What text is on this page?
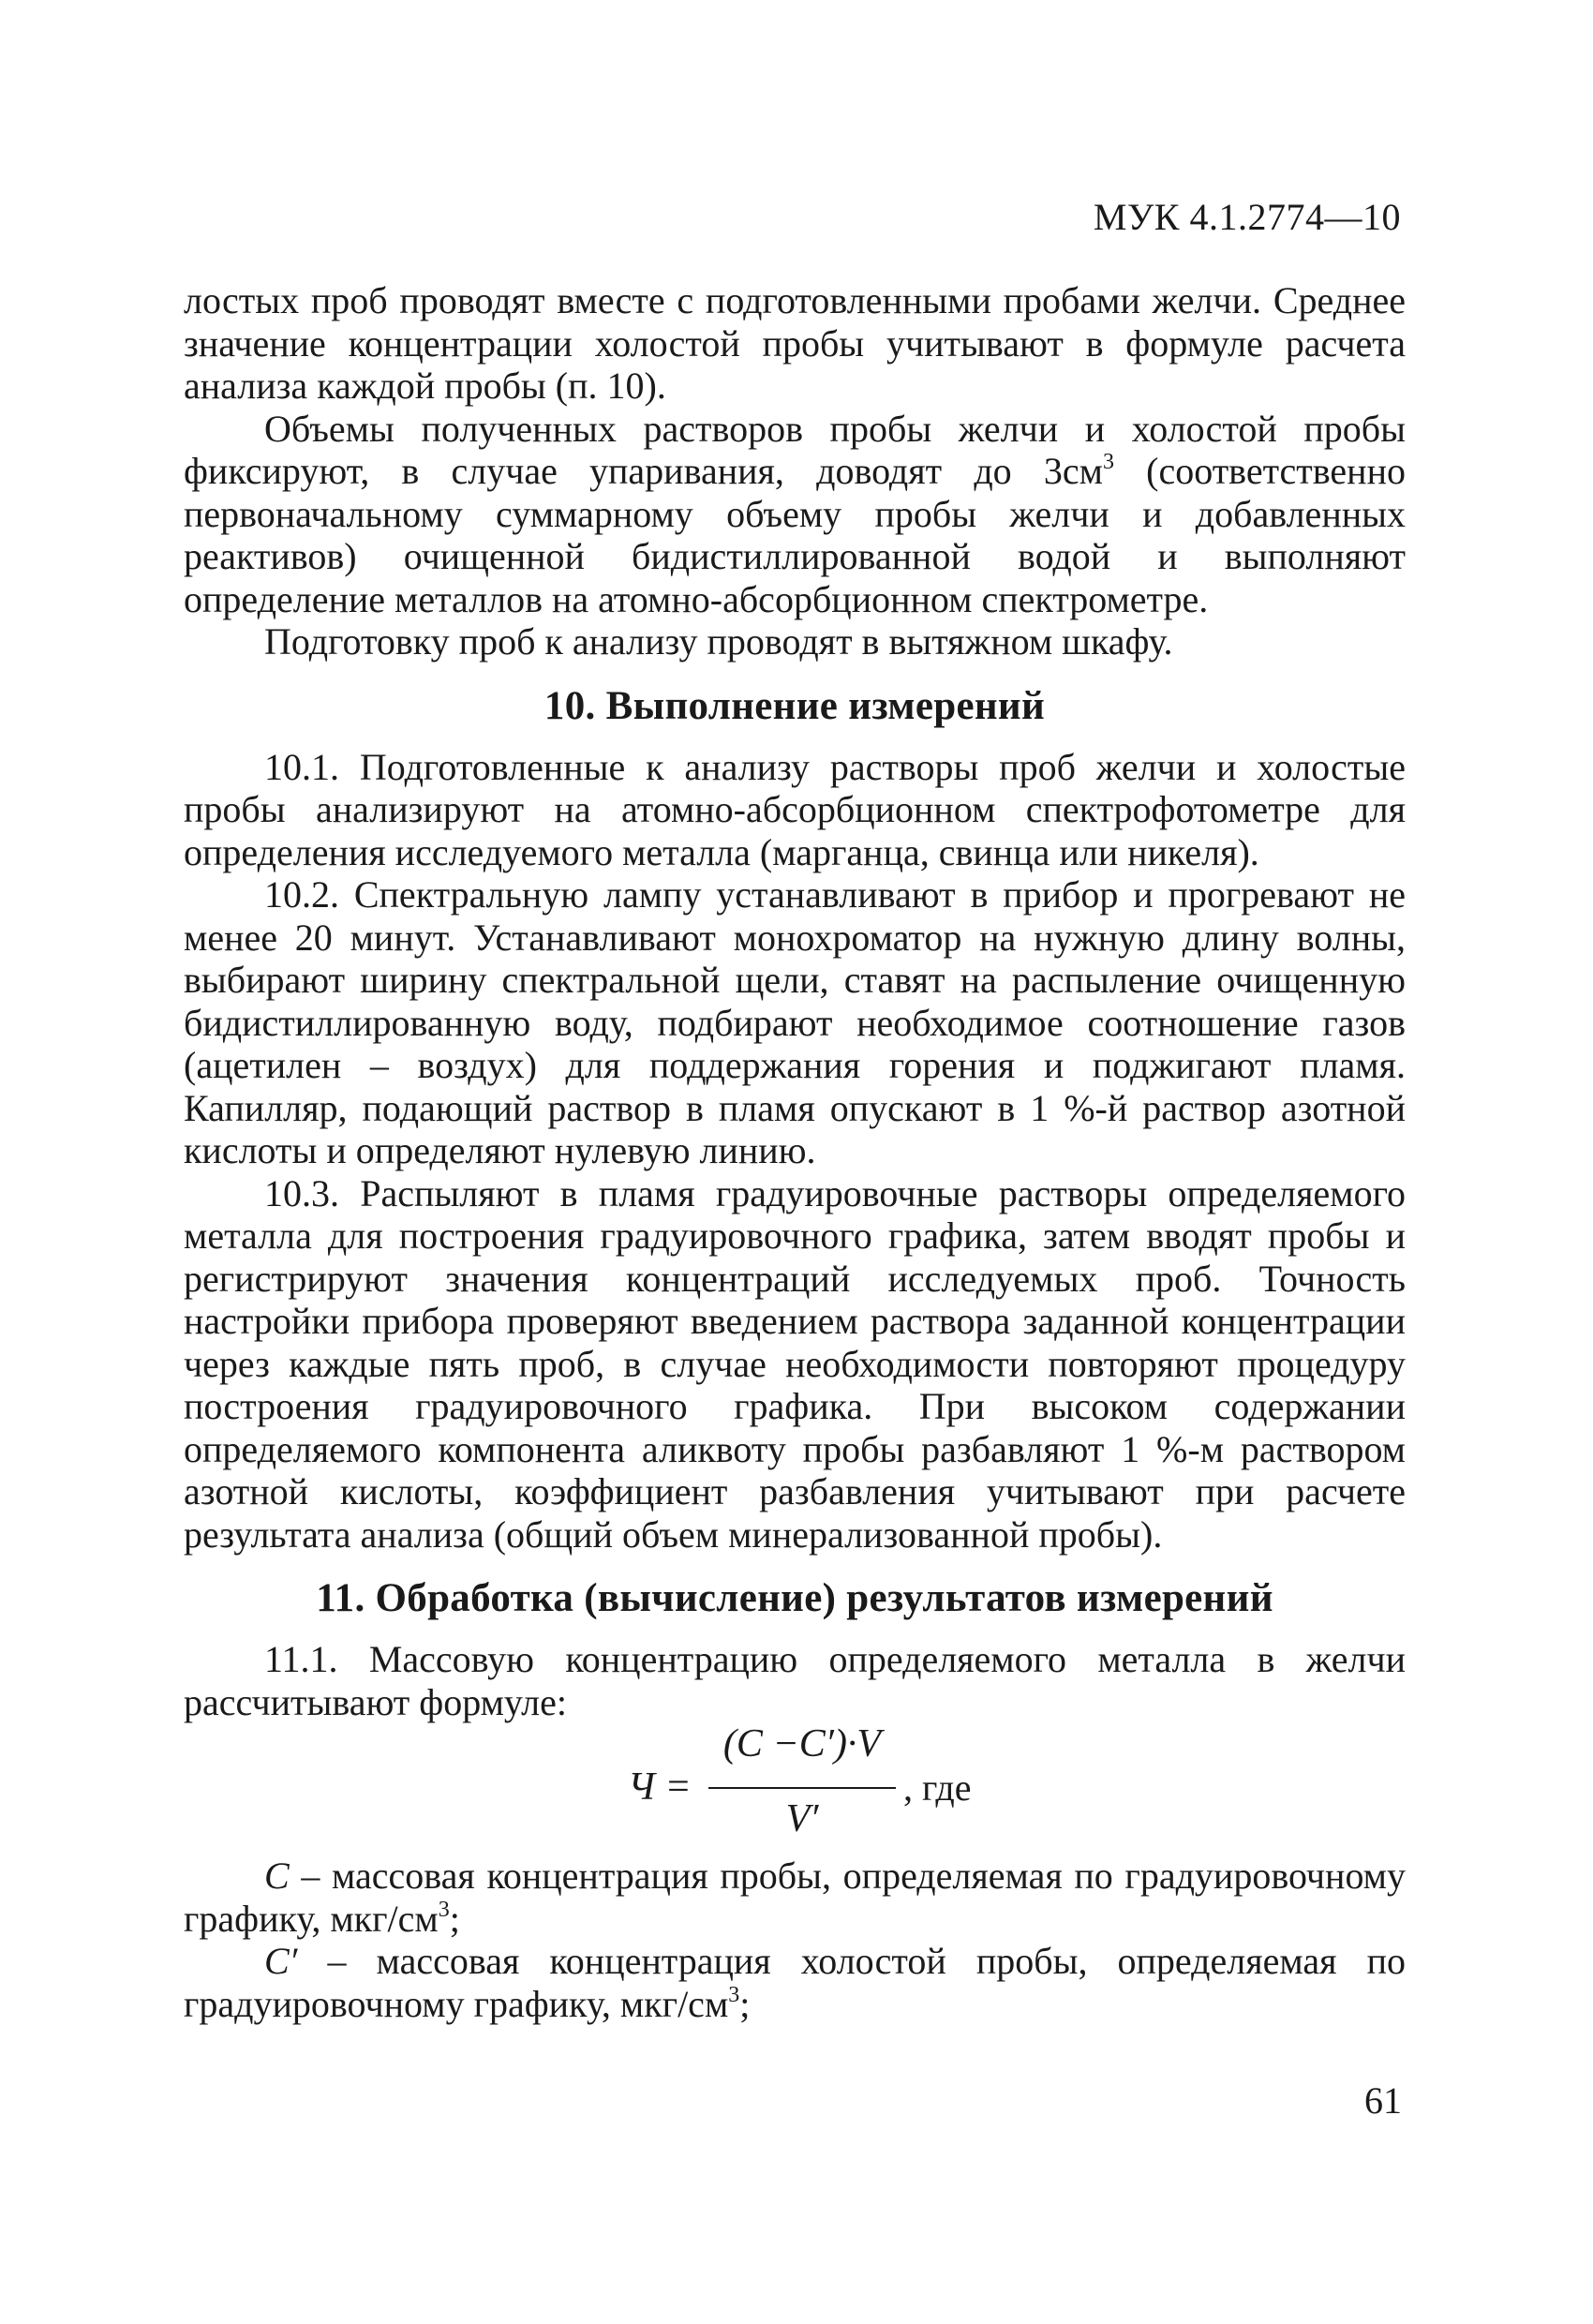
МУК 4.1.2774—10

лостых проб проводят вместе с подготовленными пробами желчи. Среднее значение концентрации холостой пробы учитывают в формуле расчета анализа каждой пробы (п. 10).

Объемы полученных растворов пробы желчи и холостой пробы фиксируют, в случае упаривания, доводят до $3см^3$ (соответственно первоначальному суммарному объему пробы желчи и добавленных реактивов) очищенной бидистиллированной водой и выполняют определение металлов на атомно-абсорбционном спектрометре.

Подготовку проб к анализу проводят в вытяжном шкафу.

10. Выполнение измерений

10.1. Подготовленные к анализу растворы проб желчи и холостые пробы анализируют на атомно-абсорбционном спектрофотометре для определения исследуемого металла (марганца, свинца или никеля).

10.2. Спектральную лампу устанавливают в прибор и прогревают не менее 20 минут. Устанавливают монохроматор на нужную длину волны, выбирают ширину спектральной щели, ставят на распыление очищенную бидистиллированную воду, подбирают необходимое соотношение газов (ацетилен – воздух) для поддержания горения и поджигают пламя. Капилляр, подающий раствор в пламя опускают в 1 %-й раствор азотной кислоты и определяют нулевую линию.

10.3. Распыляют в пламя градуировочные растворы определяемого металла для построения градуировочного графика, затем вводят пробы и регистрируют значения концентраций исследуемых проб. Точность настройки прибора проверяют введением раствора заданной концентрации через каждые пять проб, в случае необходимости повторяют процедуру построения градуировочного графика. При высоком содержании определяемого компонента аликвоту пробы разбавляют 1 %-м раствором азотной кислоты, коэффициент разбавления учитывают при расчете результата анализа (общий объем минерализованной пробы).

11. Обработка (вычисление) результатов измерений

11.1. Массовую концентрацию определяемого металла в желчи рассчитывают формуле:

Ч =
(C −C′)·V
V′
, где

C – массовая концентрация пробы, определяемая по градуировочному графику, мкг/$см^3$;

C′ – массовая концентрация холостой пробы, определяемая по градуировочному графику, мкг/$см^3$;

61
